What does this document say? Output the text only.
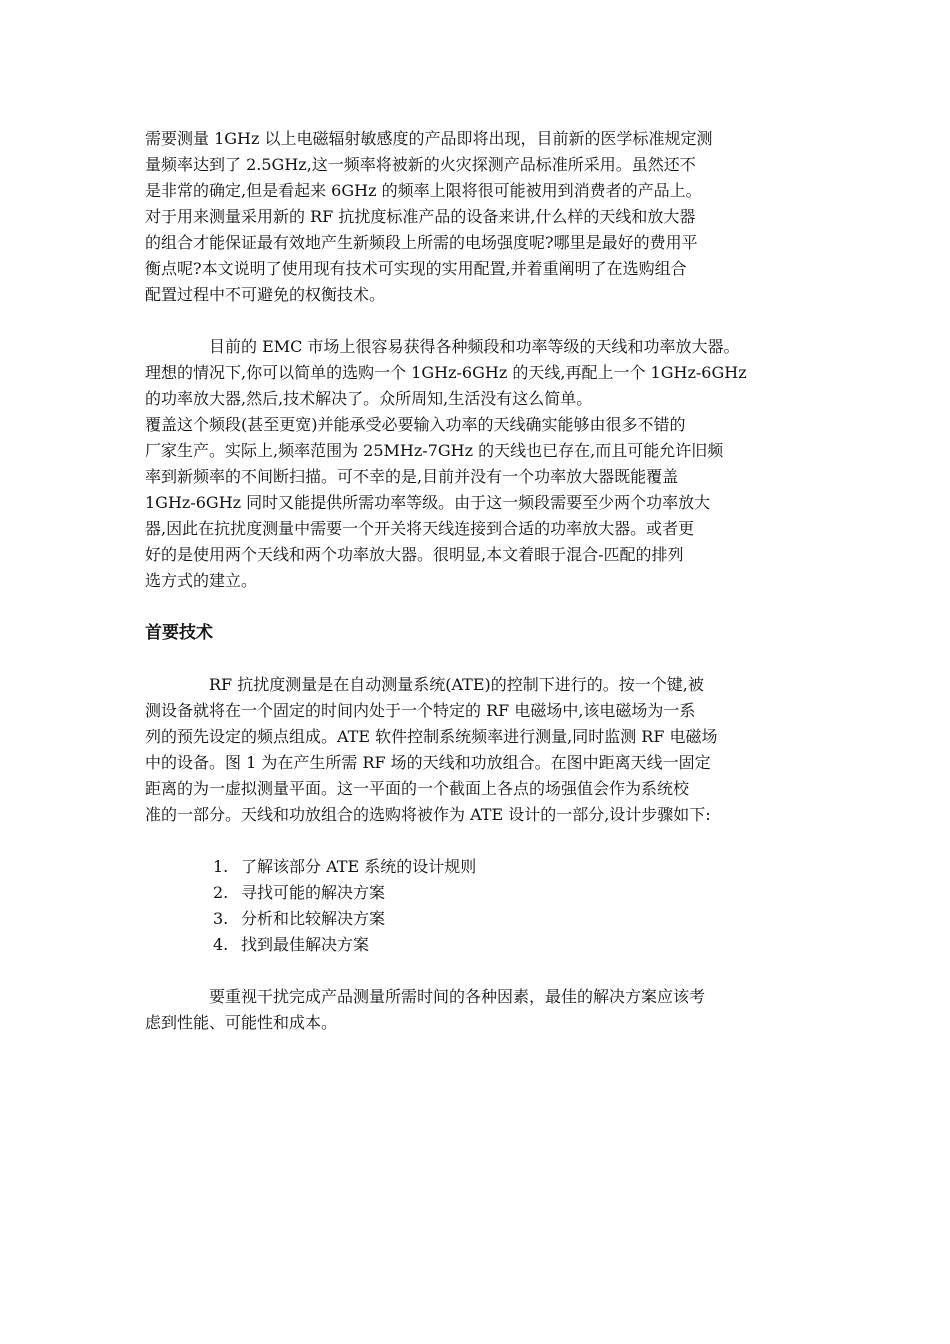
需要测量 1GHz 以上电磁辐射敏感度的产品即将出现，目前新的医学标准规定测
量频率达到了 2.5GHz,这一频率将被新的火灾探测产品标准所采用。虽然还不
是非常的确定,但是看起来 6GHz 的频率上限将很可能被用到消费者的产品上。
对于用来测量采用新的 RF 抗扰度标准产品的设备来讲,什么样的天线和放大器
的组合才能保证最有效地产生新频段上所需的电场强度呢?哪里是最好的费用平
衡点呢?本文说明了使用现有技术可实现的实用配置,并着重阐明了在选购组合
配置过程中不可避免的权衡技术。

目前的 EMC 市场上很容易获得各种频段和功率等级的天线和功率放大器。
理想的情况下,你可以简单的选购一个 1GHz-6GHz 的天线,再配上一个 1GHz-6GHz
的功率放大器,然后,技术解决了。众所周知,生活没有这么简单。
覆盖这个频段(甚至更宽)并能承受必要输入功率的天线确实能够由很多不错的
厂家生产。实际上,频率范围为 25MHz-7GHz 的天线也已存在,而且可能允许旧频
率到新频率的不间断扫描。可不幸的是,目前并没有一个功率放大器既能覆盖
1GHz-6GHz 同时又能提供所需功率等级。由于这一频段需要至少两个功率放大
器,因此在抗扰度测量中需要一个开关将天线连接到合适的功率放大器。或者更
好的是使用两个天线和两个功率放大器。很明显,本文着眼于混合-匹配的排列
选方式的建立。

首要技术

RF 抗扰度测量是在自动测量系统(ATE)的控制下进行的。按一个键,被
测设备就将在一个固定的时间内处于一个特定的 RF 电磁场中,该电磁场为一系
列的预先设定的频点组成。ATE 软件控制系统频率进行测量,同时监测 RF 电磁场
中的设备。图 1 为在产生所需 RF 场的天线和功放组合。在图中距离天线一固定
距离的为一虚拟测量平面。这一平面的一个截面上各点的场强值会作为系统校
准的一部分。天线和功放组合的选购将被作为 ATE 设计的一部分,设计步骤如下:

1. 了解该部分 ATE 系统的设计规则
2. 寻找可能的解决方案
3. 分析和比较解决方案
4. 找到最佳解决方案

要重视干扰完成产品测量所需时间的各种因素，最佳的解决方案应该考
虑到性能、可能性和成本。
